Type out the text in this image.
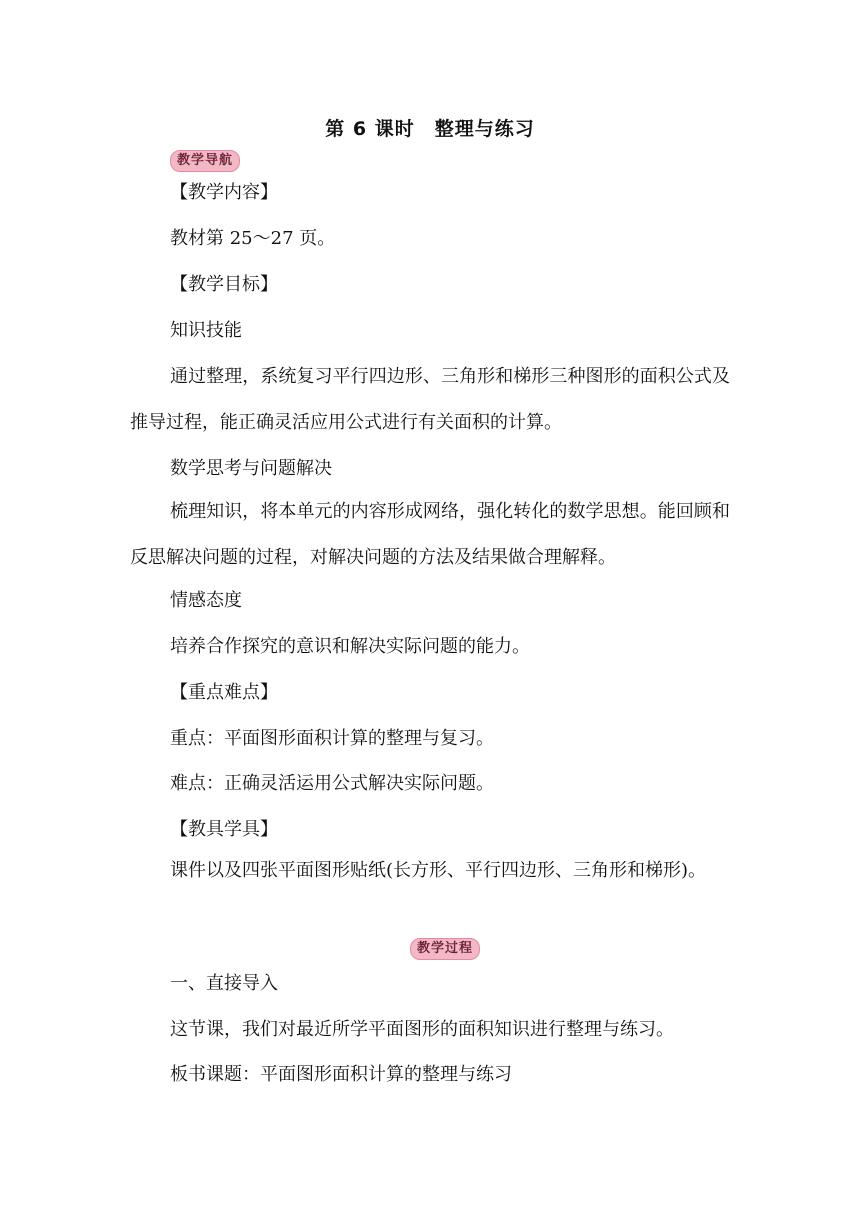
第 6 课时　整理与练习
教学导航
【教学内容】
教材第 25～27 页。
【教学目标】
知识技能
通过整理，系统复习平行四边形、三角形和梯形三种图形的面积公式及推导过程，能正确灵活应用公式进行有关面积的计算。
数学思考与问题解决
梳理知识，将本单元的内容形成网络，强化转化的数学思想。能回顾和反思解决问题的过程，对解决问题的方法及结果做合理解释。
情感态度
培养合作探究的意识和解决实际问题的能力。
【重点难点】
重点：平面图形面积计算的整理与复习。
难点：正确灵活运用公式解决实际问题。
【教具学具】
课件以及四张平面图形贴纸(长方形、平行四边形、三角形和梯形)。
教学过程
一、直接导入
这节课，我们对最近所学平面图形的面积知识进行整理与练习。
板书课题：平面图形面积计算的整理与练习
